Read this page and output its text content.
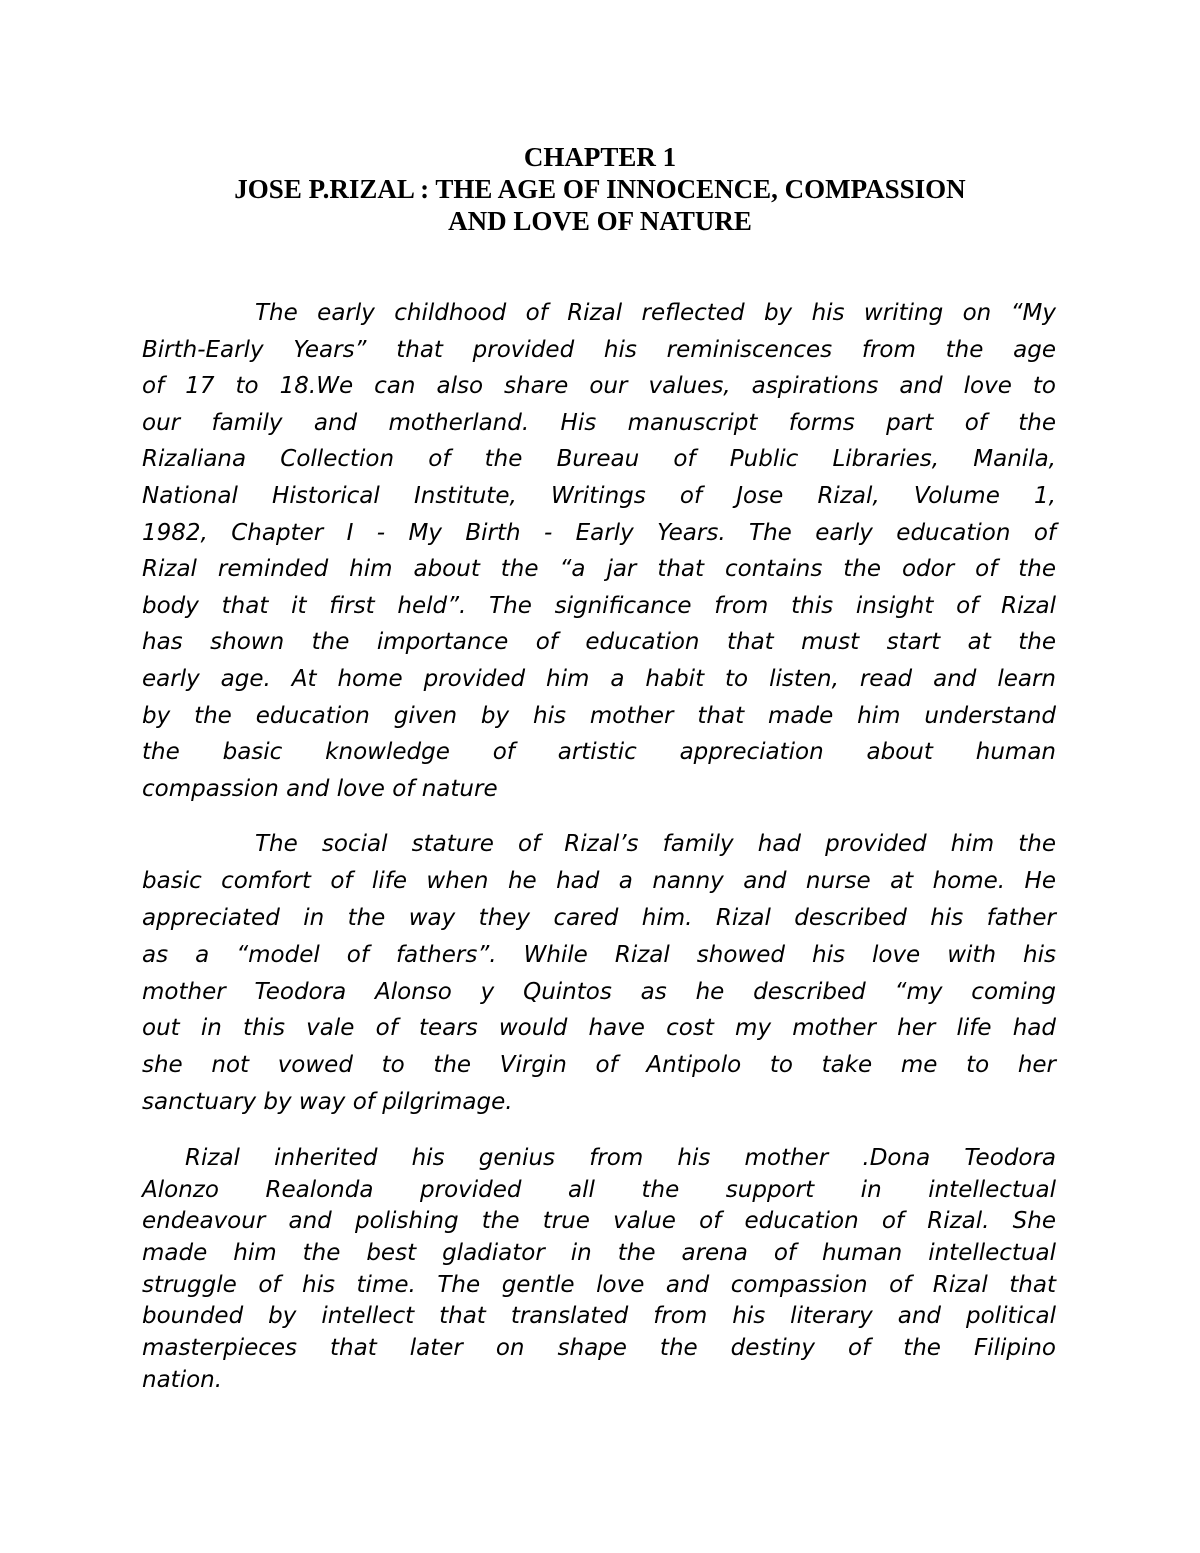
CHAPTER 1
JOSE P.RIZAL : THE AGE OF INNOCENCE, COMPASSION
AND LOVE OF NATURE
The early childhood of Rizal reflected by his writing on “My
Birth-Early Years” that provided his reminiscences from the age
of 17 to 18.We can also share our values, aspirations and love to
our family and motherland. His manuscript forms part of the
Rizaliana Collection of the Bureau of Public Libraries, Manila,
National Historical Institute, Writings of Jose Rizal, Volume 1,
1982, Chapter I - My Birth - Early Years. The early education of
Rizal reminded him about the “a jar that contains the odor of the
body that it first held”. The significance from this insight of Rizal
has shown the importance of education that must start at the
early age. At home provided him a habit to listen, read and learn
by the education given by his mother that made him understand
the basic knowledge of artistic appreciation about human
compassion and love of nature
The social stature of Rizal’s family had provided him the
basic comfort of life when he had a nanny and nurse at home. He
appreciated in the way they cared him. Rizal described his father
as a “model of fathers”. While Rizal showed his love with his
mother Teodora Alonso y Quintos as he described “my coming
out in this vale of tears would have cost my mother her life had
she not vowed to the Virgin of Antipolo to take me to her
sanctuary by way of pilgrimage.
Rizal inherited his genius from his mother .Dona Teodora
Alonzo Realonda provided all the support in intellectual
endeavour and polishing the true value of education of Rizal. She
made him the best gladiator in the arena of human intellectual
struggle of his time. The gentle love and compassion of Rizal that
bounded by intellect that translated from his literary and political
masterpieces that later on shape the destiny of the Filipino
nation.
